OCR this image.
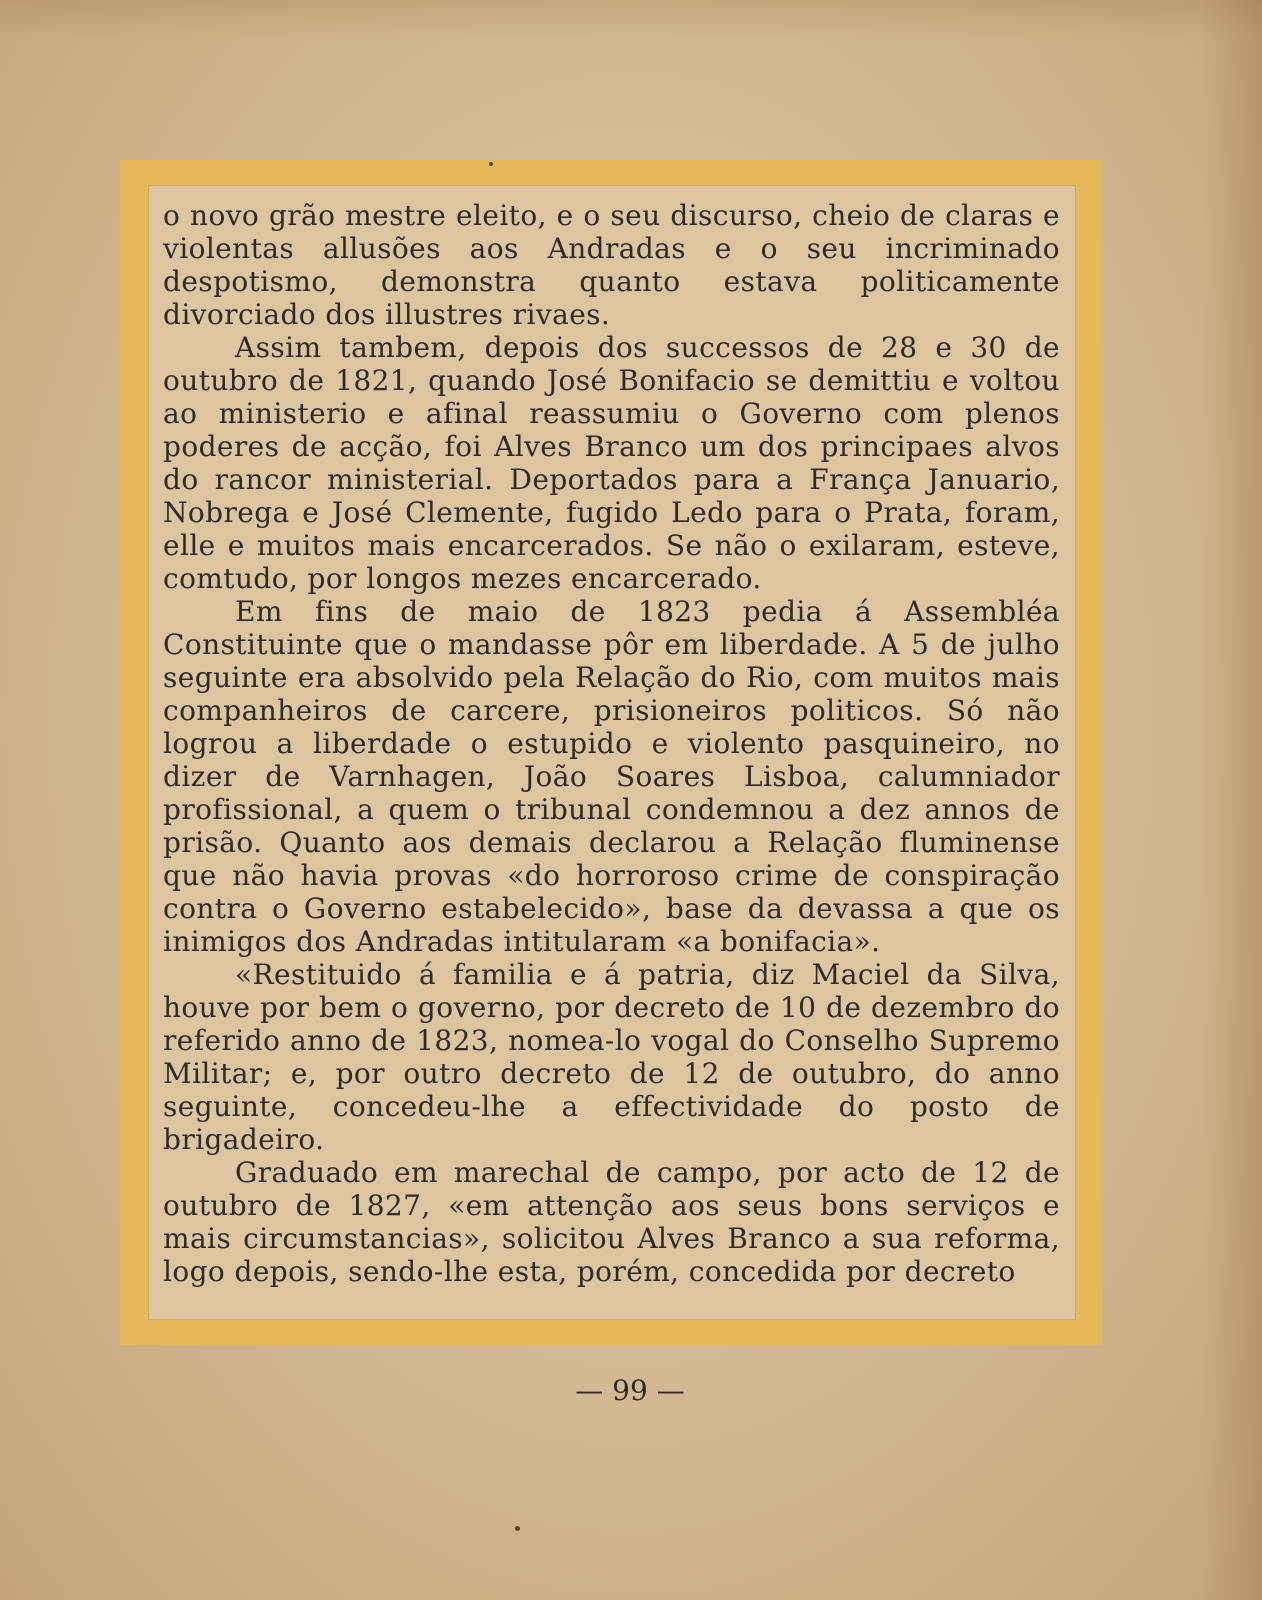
o novo grão mestre eleito, e o seu discurso, cheio de claras e violentas allusões aos Andradas e o seu incriminado despotismo, demonstra quanto estava politicamente divorciado dos illustres rivaes.

Assim tambem, depois dos successos de 28 e 30 de outubro de 1821, quando José Bonifacio se demittiu e voltou ao ministerio e afinal reassumiu o Governo com plenos poderes de acção, foi Alves Branco um dos principaes alvos do rancor ministerial. Deportados para a França Januario, Nobrega e José Clemente, fugido Ledo para o Prata, foram, elle e muitos mais encarcerados. Se não o exilaram, esteve, comtudo, por longos mezes encarcerado.

Em fins de maio de 1823 pedia á Assembléa Constituinte que o mandasse pôr em liberdade. A 5 de julho seguinte era absolvido pela Relação do Rio, com muitos mais companheiros de carcere, prisioneiros politicos. Só não logrou a liberdade o estupido e violento pasquineiro, no dizer de Varnhagen, João Soares Lisboa, calumniador profissional, a quem o tribunal condemnou a dez annos de prisão. Quanto aos demais declarou a Relação fluminense que não havia provas «do horroroso crime de conspiração contra o Governo estabelecido», base da devassa a que os inimigos dos Andradas intitularam «a bonifacia».

«Restituido á familia e á patria, diz Maciel da Silva, houve por bem o governo, por decreto de 10 de dezembro do referido anno de 1823, nomea-lo vogal do Conselho Supremo Militar; e, por outro decreto de 12 de outubro, do anno seguinte, concedeu-lhe a effectividade do posto de brigadeiro.

Graduado em marechal de campo, por acto de 12 de outubro de 1827, «em attenção aos seus bons serviços e mais circumstancias», solicitou Alves Branco a sua reforma, logo depois, sendo-lhe esta, porém, concedida por decreto

— 99 —
